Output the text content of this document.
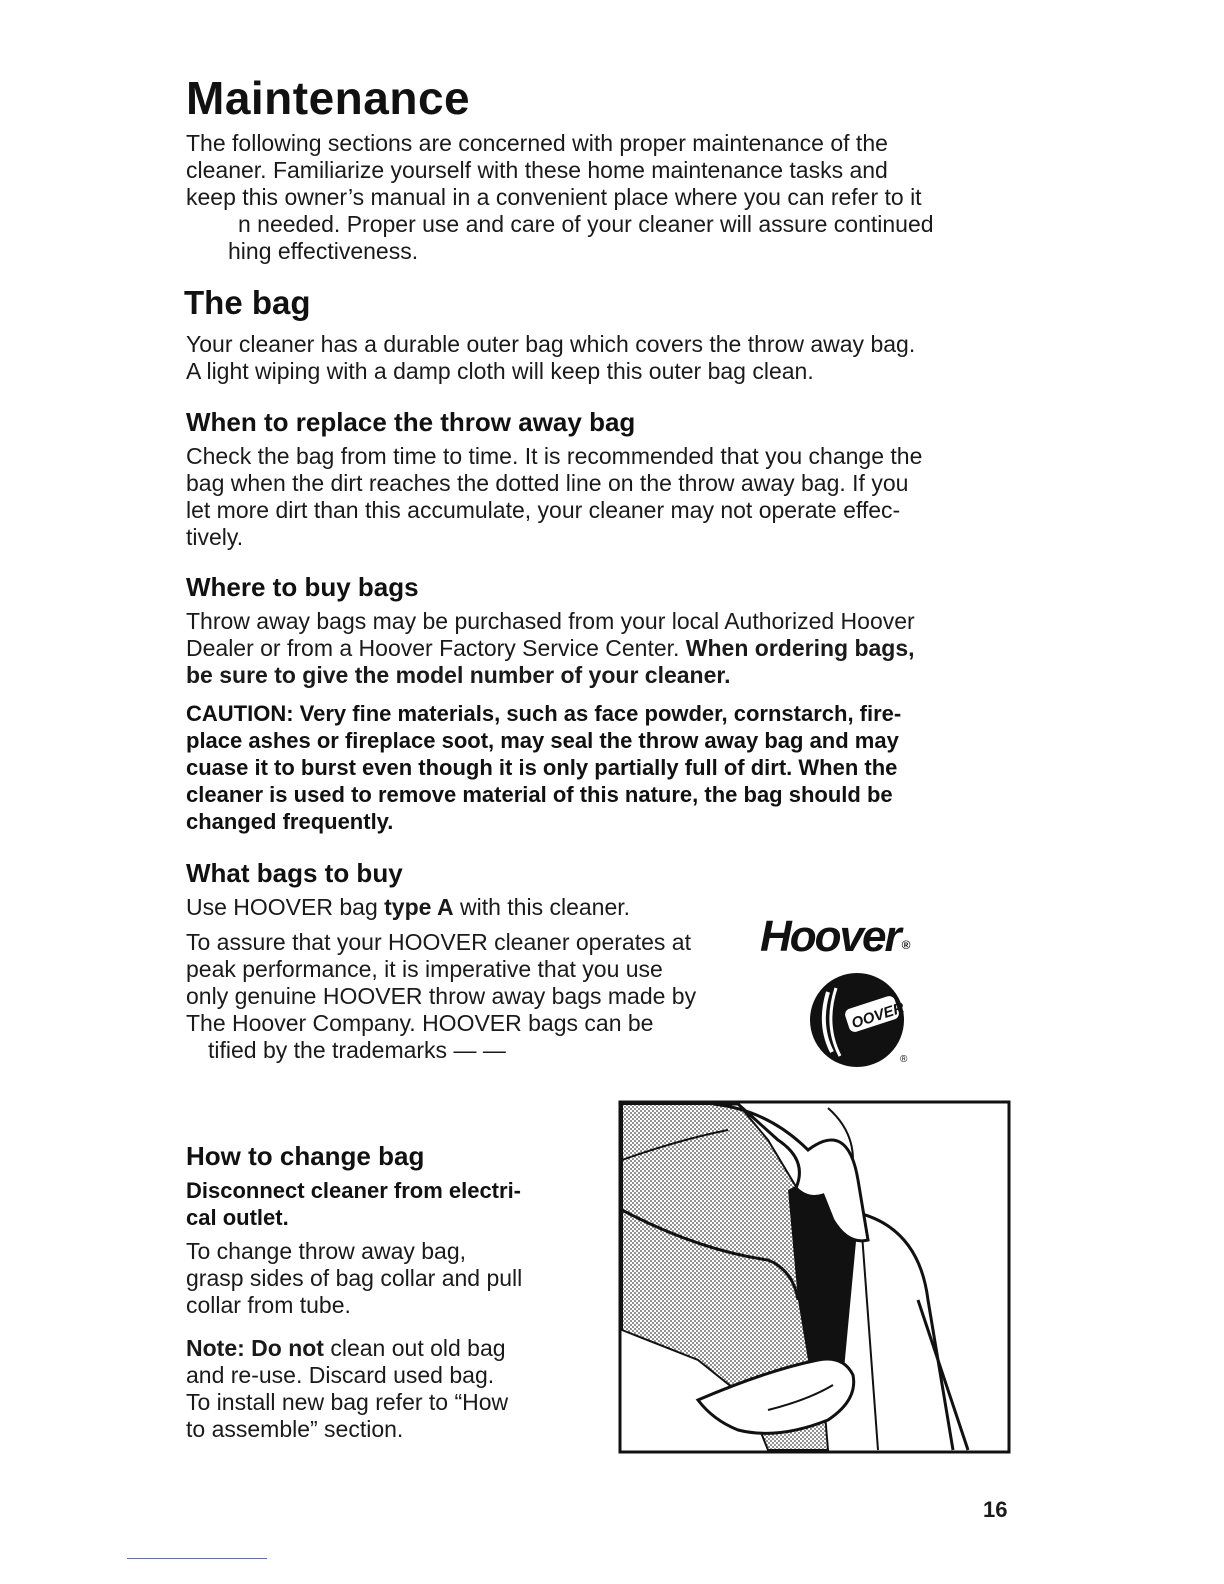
Maintenance

The following sections are concerned with proper maintenance of the

cleaner. Familiarize yourself with these home maintenance tasks and

keep this owner’s manual in a convenient place where you can refer to it

n needed. Proper use and care of your cleaner will assure continued

hing effectiveness.

The bag

Your cleaner has a durable outer bag which covers the throw away bag.

A light wiping with a damp cloth will keep this outer bag clean.

When to replace the throw away bag

Check the bag from time to time. It is recommended that you change the

bag when the dirt reaches the dotted line on the throw away bag. If you

let more dirt than this accumulate, your cleaner may not operate effec-

tively.

Where to buy bags

Throw away bags may be purchased from your local Authorized Hoover

Dealer or from a Hoover Factory Service Center. When ordering bags,

be sure to give the model number of your cleaner.

CAUTION: Very fine materials, such as face powder, cornstarch, fire-

place ashes or fireplace soot, may seal the throw away bag and may

cuase it to burst even though it is only partially full of dirt. When the

cleaner is used to remove material of this nature, the bag should be

changed frequently.

What bags to buy

Use HOOVER bag type A with this cleaner.

To assure that your HOOVER cleaner operates at

peak performance, it is imperative that you use

only genuine HOOVER throw away bags made by

The Hoover Company. HOOVER bags can be

tified by the trademarks — —

Hoover ®
OOVER
®
How to change bag

Disconnect cleaner from electri-

cal outlet.

To change throw away bag,

grasp sides of bag collar and pull

collar from tube.

Note: Do not clean out old bag

and re-use. Discard used bag.

To install new bag refer to “How

to assemble” section.

16
